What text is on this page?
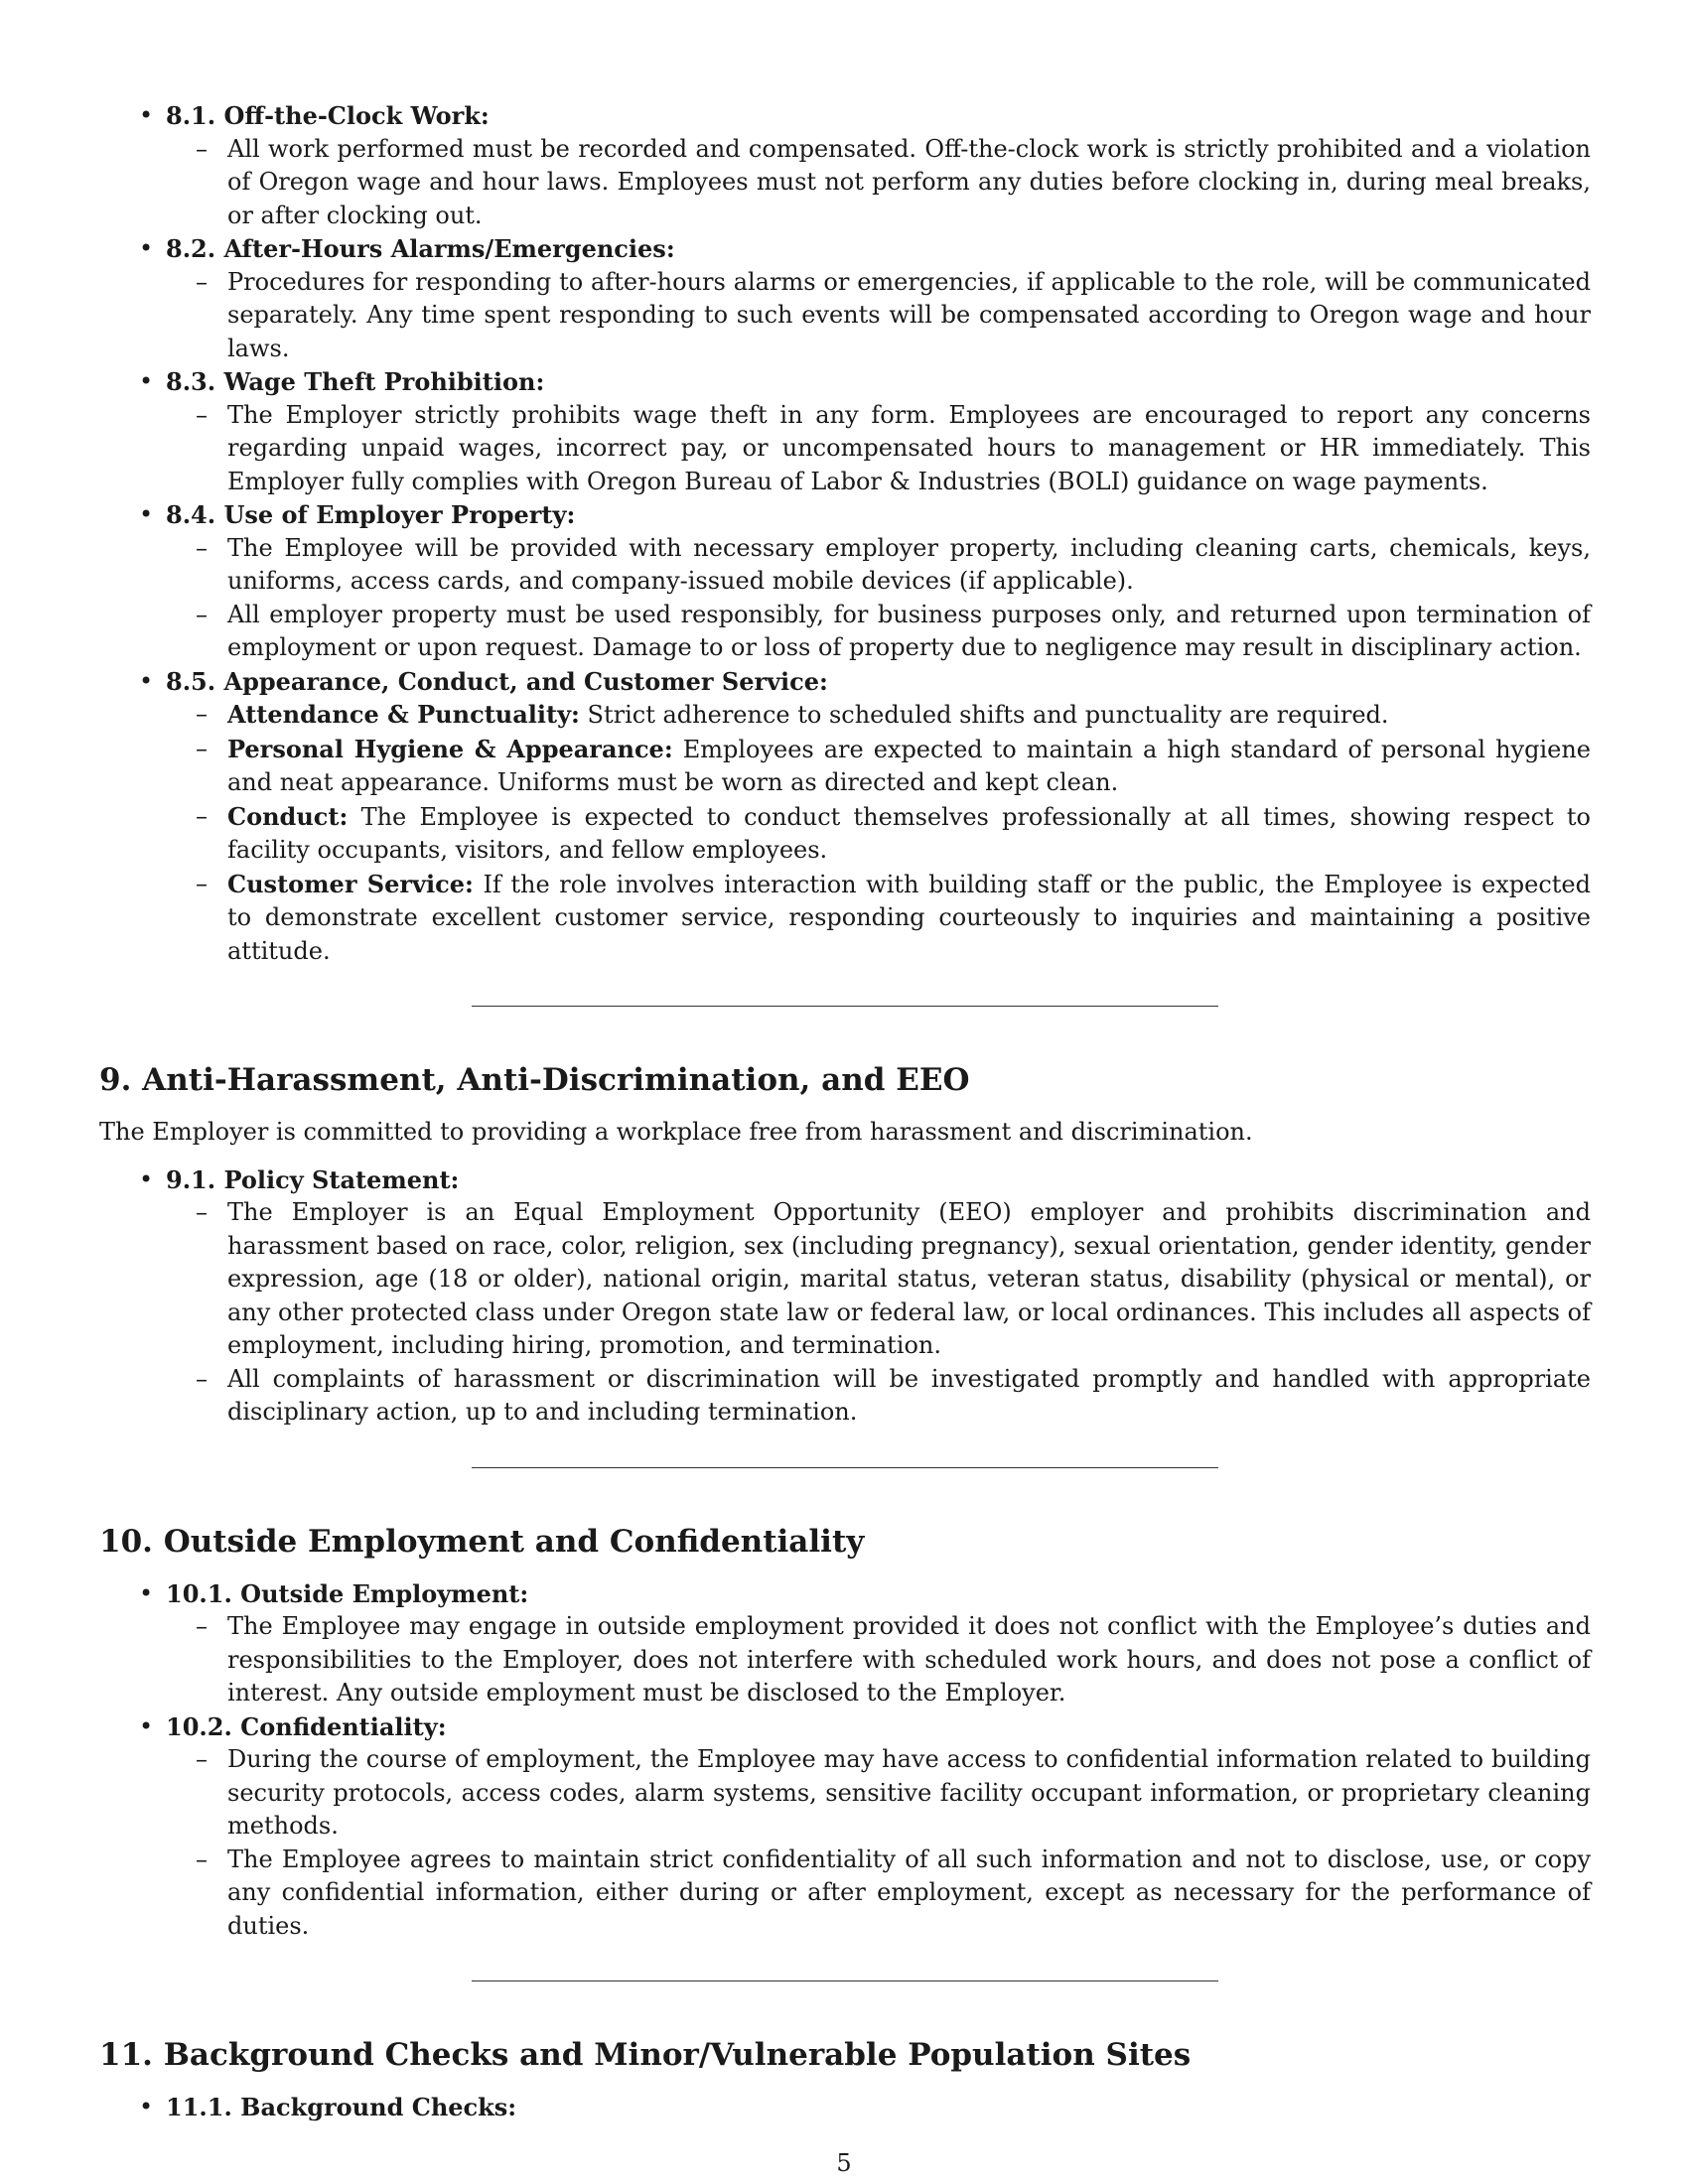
• 8.1. Off-the-Clock Work:
– All work performed must be recorded and compensated. Off-the-clock work is strictly prohibited and a violation of Oregon wage and hour laws. Employees must not perform any duties before clocking in, during meal breaks, or after clocking out.
• 8.2. After-Hours Alarms/Emergencies:
– Procedures for responding to after-hours alarms or emergencies, if applicable to the role, will be communicated separately. Any time spent responding to such events will be compensated according to Oregon wage and hour laws.
• 8.3. Wage Theft Prohibition:
– The Employer strictly prohibits wage theft in any form. Employees are encouraged to report any concerns regarding unpaid wages, incorrect pay, or uncompensated hours to management or HR immediately. This Employer fully complies with Oregon Bureau of Labor & Industries (BOLI) guidance on wage payments.
• 8.4. Use of Employer Property:
– The Employee will be provided with necessary employer property, including cleaning carts, chemicals, keys, uniforms, access cards, and company-issued mobile devices (if applicable).
– All employer property must be used responsibly, for business purposes only, and returned upon termination of employment or upon request. Damage to or loss of property due to negligence may result in disciplinary action.
• 8.5. Appearance, Conduct, and Customer Service:
– Attendance & Punctuality: Strict adherence to scheduled shifts and punctuality are required.
– Personal Hygiene & Appearance: Employees are expected to maintain a high standard of personal hygiene and neat appearance. Uniforms must be worn as directed and kept clean.
– Conduct: The Employee is expected to conduct themselves professionally at all times, showing respect to facility occupants, visitors, and fellow employees.
– Customer Service: If the role involves interaction with building staff or the public, the Employee is expected to demonstrate excellent customer service, responding courteously to inquiries and maintaining a positive attitude.
9. Anti-Harassment, Anti-Discrimination, and EEO

The Employer is committed to providing a workplace free from harassment and discrimination.

• 9.1. Policy Statement:
– The Employer is an Equal Employment Opportunity (EEO) employer and prohibits discrimination and harassment based on race, color, religion, sex (including pregnancy), sexual orientation, gender identity, gender expression, age (18 or older), national origin, marital status, veteran status, disability (physical or mental), or any other protected class under Oregon state law or federal law, or local ordinances. This includes all aspects of employment, including hiring, promotion, and termination.
– All complaints of harassment or discrimination will be investigated promptly and handled with appropriate disciplinary action, up to and including termination.
10. Outside Employment and Confidentiality
• 10.1. Outside Employment:
– The Employee may engage in outside employment provided it does not conflict with the Employee’s duties and responsibilities to the Employer, does not interfere with scheduled work hours, and does not pose a conflict of interest. Any outside employment must be disclosed to the Employer.
• 10.2. Confidentiality:
– During the course of employment, the Employee may have access to confidential information related to building security protocols, access codes, alarm systems, sensitive facility occupant information, or proprietary cleaning methods.
– The Employee agrees to maintain strict confidentiality of all such information and not to disclose, use, or copy any confidential information, either during or after employment, except as necessary for the performance of duties.
11. Background Checks and Minor/Vulnerable Population Sites
• 11.1. Background Checks:
5
